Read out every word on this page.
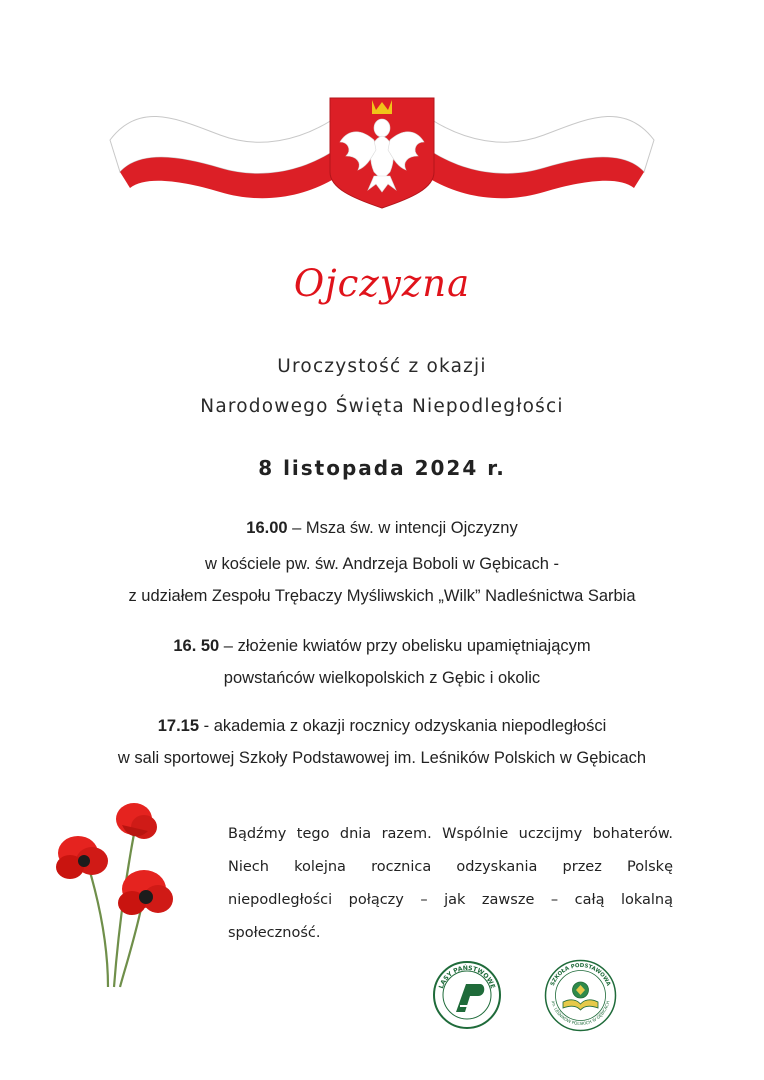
Ojczyzna
Uroczystość z okazji
Narodowego Święta Niepodległości
8 listopada 2024 r.
16.00 – Msza św. w intencji Ojczyzny
w kościele pw. św. Andrzeja Boboli w Gębicach -
z udziałem Zespołu Trębaczy Myśliwskich „Wilk” Nadleśnictwa Sarbia
16. 50 – złożenie kwiatów przy obelisku upamiętniającym
powstańców wielkopolskich z Gębic i okolic
17.15 - akademia z okazji rocznicy odzyskania niepodległości
w sali sportowej Szkoły Podstawowej im. Leśników Polskich w Gębicach
Bądźmy tego dnia razem. Wspólnie uczcijmy bohaterów. Niech kolejna rocznica odzyskania przez Polskę niepodległości połączy – jak zawsze – całą lokalną społeczność.
LASY PAŃSTWOWE	SZKOŁA PODSTAWOWA
im. LEŚNIKÓW POLSKICH W GĘBICACH
